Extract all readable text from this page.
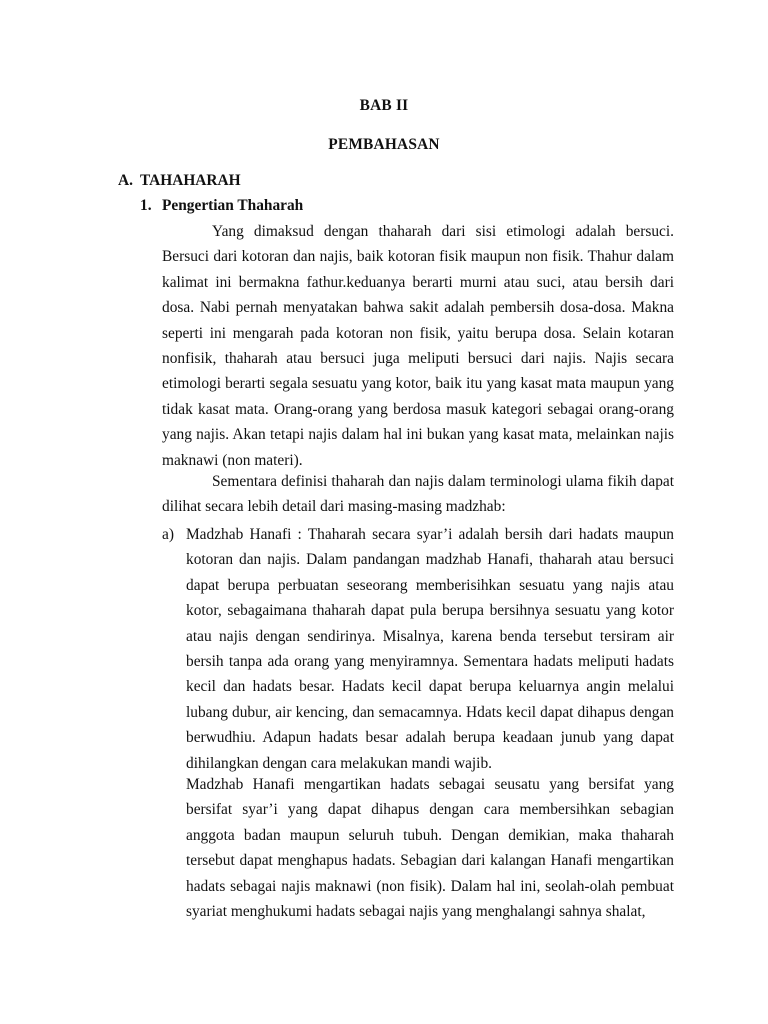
BAB II
PEMBAHASAN
A. TAHAHARAH
1. Pengertian Thaharah
Yang dimaksud dengan thaharah dari sisi etimologi adalah bersuci. Bersuci dari kotoran dan najis, baik kotoran fisik maupun non fisik. Thahur dalam kalimat ini bermakna fathur.keduanya berarti murni atau suci, atau bersih dari dosa. Nabi pernah menyatakan bahwa sakit adalah pembersih dosa-dosa. Makna seperti ini mengarah pada kotoran non fisik, yaitu berupa dosa. Selain kotaran nonfisik, thaharah atau bersuci juga meliputi bersuci dari najis. Najis secara etimologi berarti segala sesuatu yang kotor, baik itu yang kasat mata maupun yang tidak kasat mata. Orang-orang yang berdosa masuk kategori sebagai orang-orang yang najis. Akan tetapi najis dalam hal ini bukan yang kasat mata, melainkan najis maknawi (non materi).
Sementara definisi thaharah dan najis dalam terminologi ulama fikih dapat dilihat secara lebih detail dari masing-masing madzhab:
a) Madzhab Hanafi : Thaharah secara syar’i adalah bersih dari hadats maupun kotoran dan najis. Dalam pandangan madzhab Hanafi, thaharah atau bersuci dapat berupa perbuatan seseorang memberisihkan sesuatu yang najis atau kotor, sebagaimana thaharah dapat pula berupa bersihnya sesuatu yang kotor atau najis dengan sendirinya. Misalnya, karena benda tersebut tersiram air bersih tanpa ada orang yang menyiramnya. Sementara hadats meliputi hadats kecil dan hadats besar. Hadats kecil dapat berupa keluarnya angin melalui lubang dubur, air kencing, dan semacamnya. Hdats kecil dapat dihapus dengan berwudhiu. Adapun hadats besar adalah berupa keadaan junub yang dapat dihilangkan dengan cara melakukan mandi wajib.
Madzhab Hanafi mengartikan hadats sebagai seusatu yang bersifat yang bersifat syar’i yang dapat dihapus dengan cara membersihkan sebagian anggota badan maupun seluruh tubuh. Dengan demikian, maka thaharah tersebut dapat menghapus hadats. Sebagian dari kalangan Hanafi mengartikan hadats sebagai najis maknawi (non fisik). Dalam hal ini, seolah-olah pembuat syariat menghukumi hadats sebagai najis yang menghalangi sahnya shalat,
